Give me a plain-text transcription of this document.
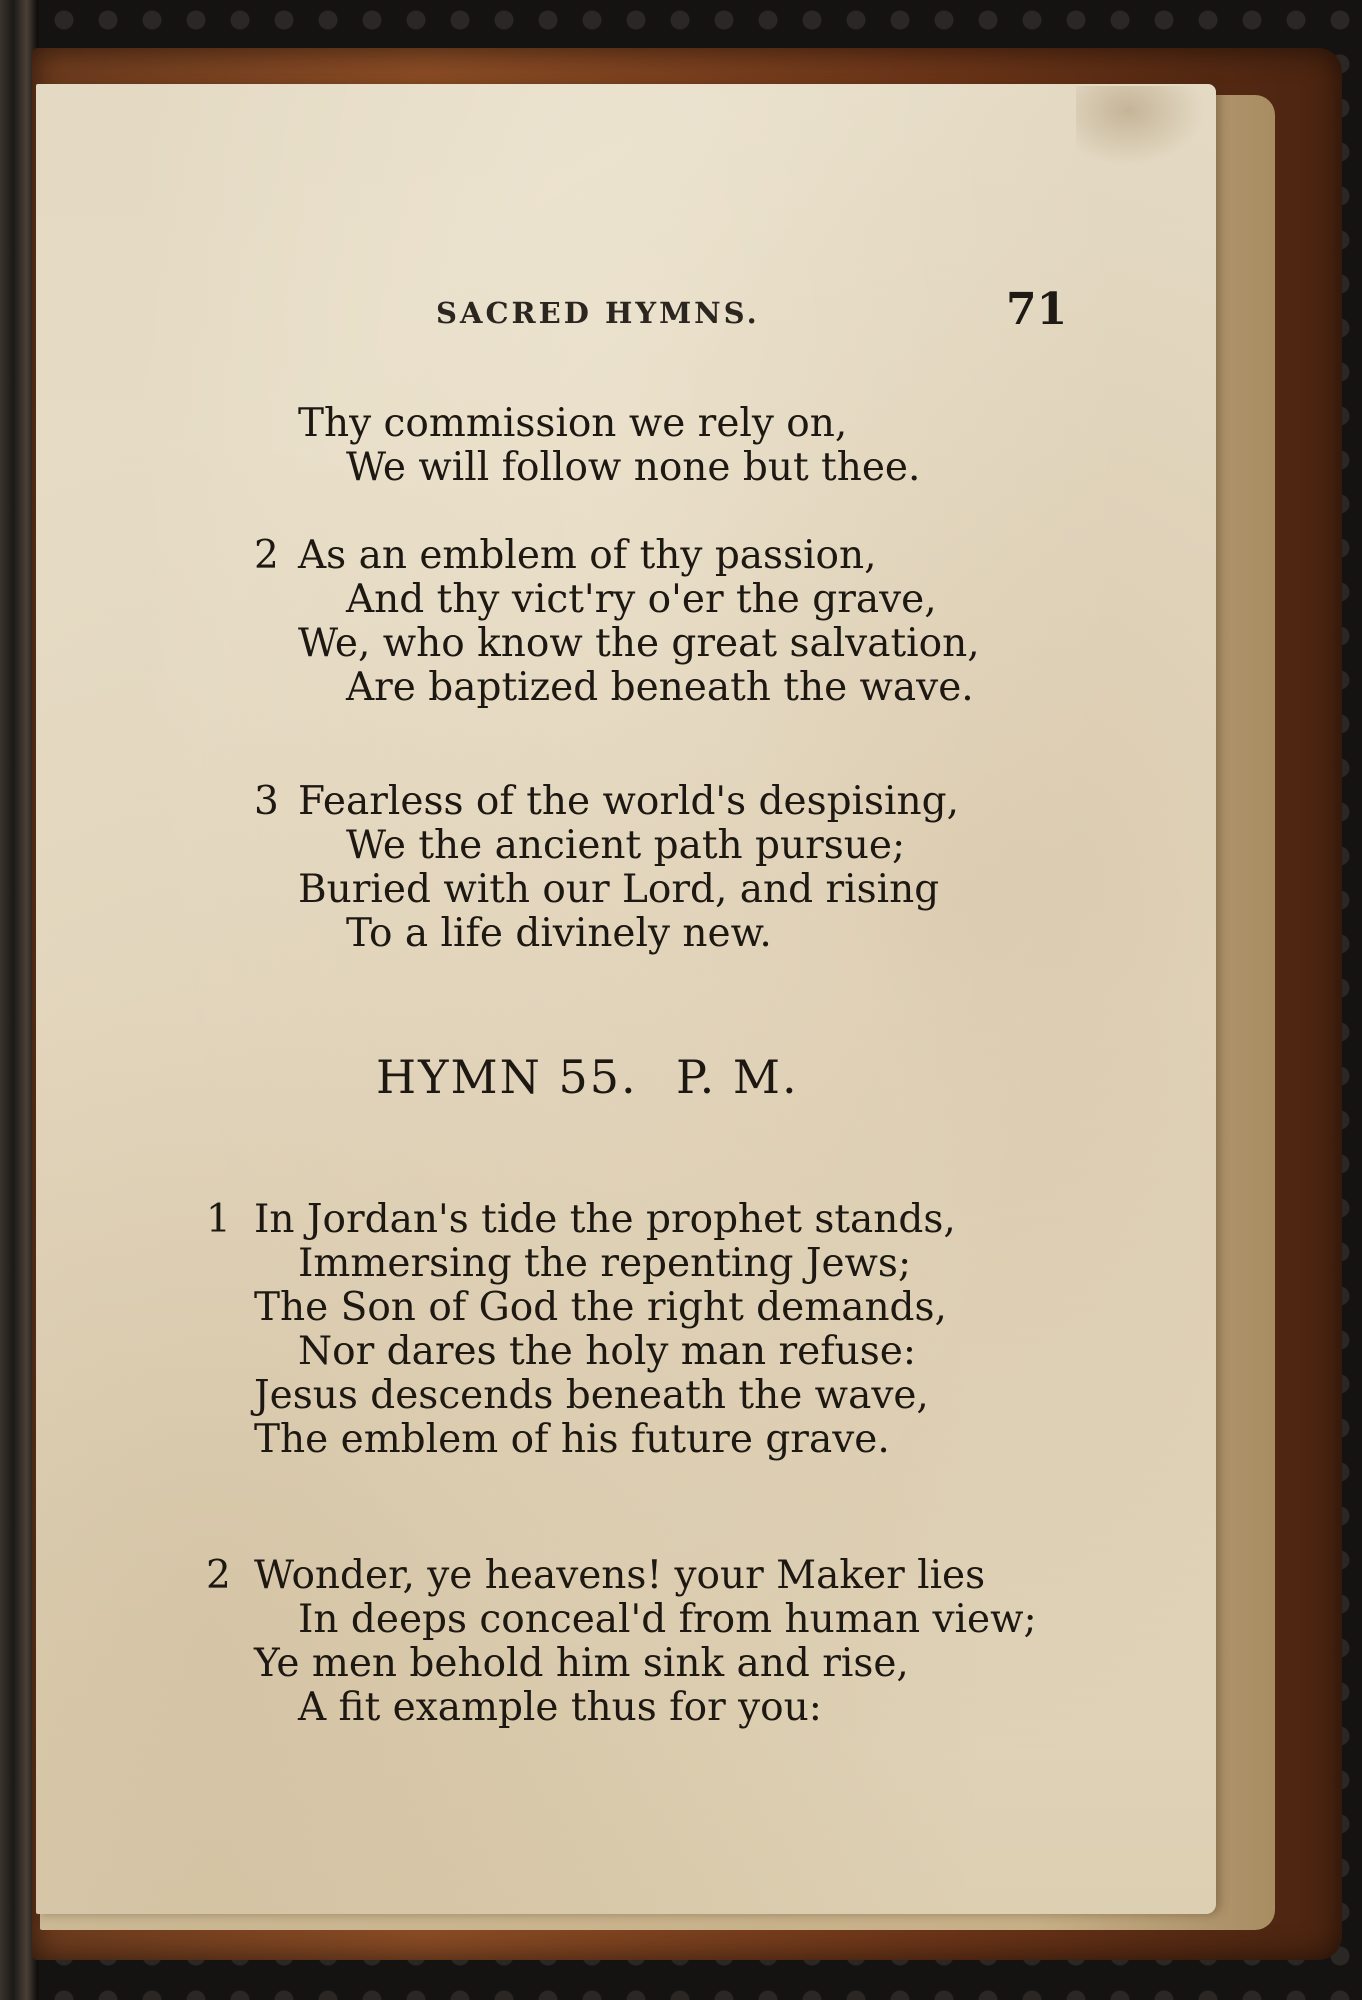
SACRED HYMNS.	71
Thy commission we rely on,
We will follow none but thee.
2 As an emblem of thy passion,
And thy vict'ry o'er the grave,
We, who know the great salvation,
Are baptized beneath the wave.
3 Fearless of the world's despising,
We the ancient path pursue;
Buried with our Lord, and rising
To a life divinely new.
HYMN 55. P. M.
1 In Jordan's tide the prophet stands,
Immersing the repenting Jews;
The Son of God the right demands,
Nor dares the holy man refuse:
Jesus descends beneath the wave,
The emblem of his future grave.
2 Wonder, ye heavens! your Maker lies
In deeps conceal'd from human view;
Ye men behold him sink and rise,
A fit example thus for you:
